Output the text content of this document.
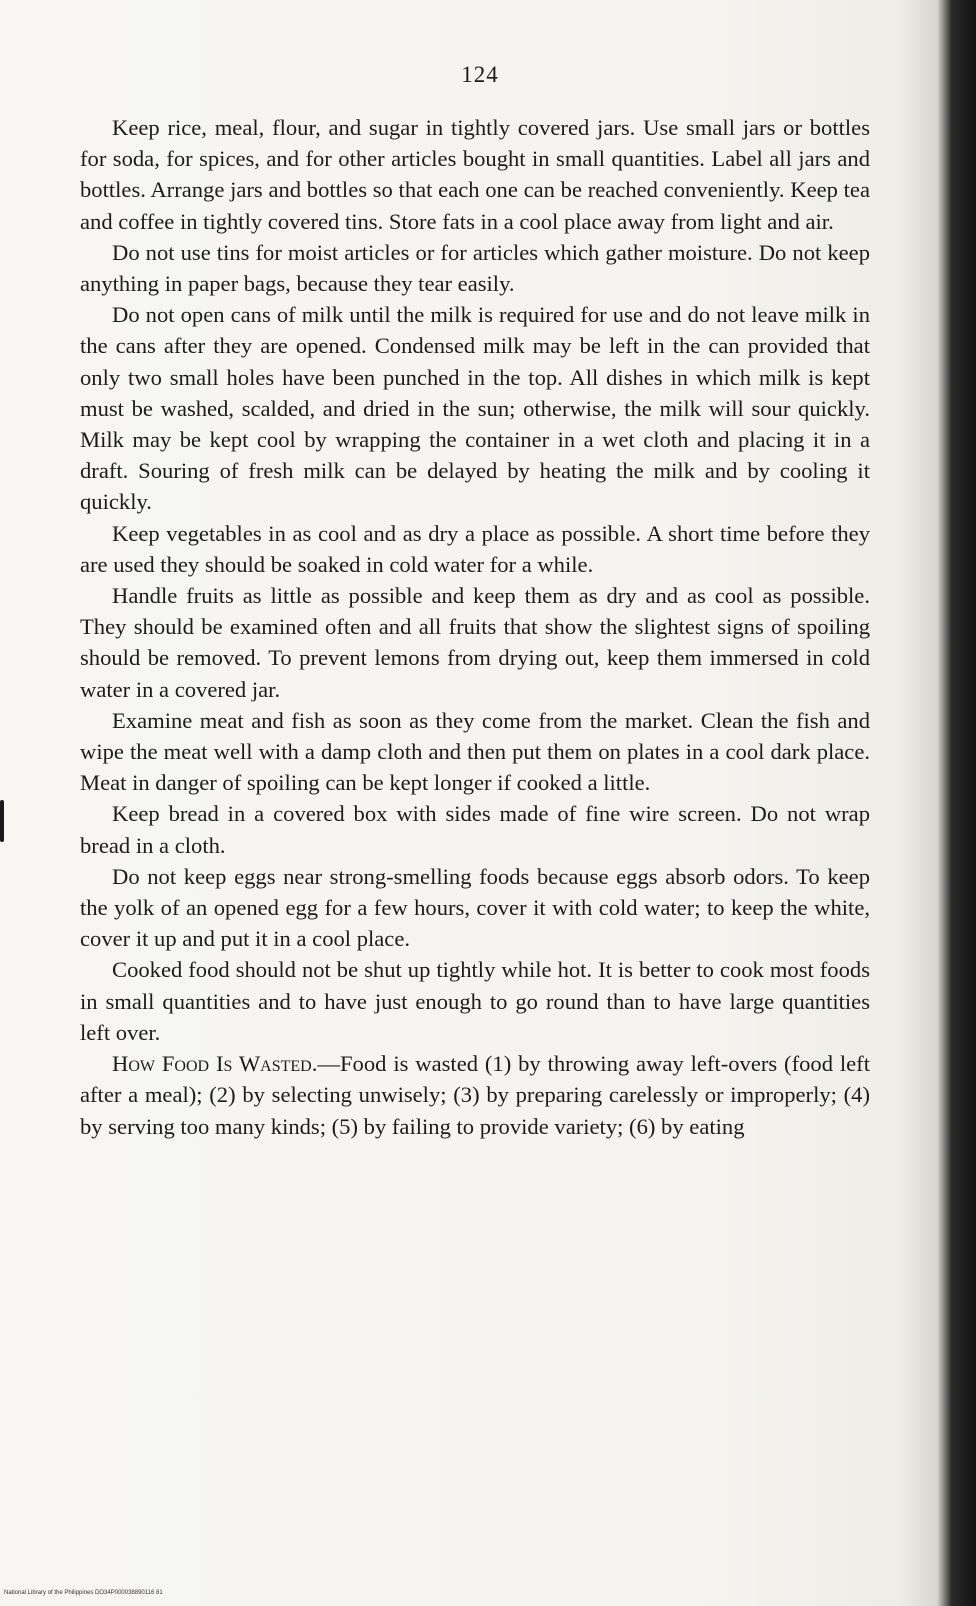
124

Keep rice, meal, flour, and sugar in tightly covered jars. Use small jars or bottles for soda, for spices, and for other articles bought in small quantities. Label all jars and bottles. Arrange jars and bottles so that each one can be reached conveniently. Keep tea and coffee in tightly covered tins. Store fats in a cool place away from light and air.

Do not use tins for moist articles or for articles which gather moisture. Do not keep anything in paper bags, because they tear easily.

Do not open cans of milk until the milk is required for use and do not leave milk in the cans after they are opened. Condensed milk may be left in the can provided that only two small holes have been punched in the top. All dishes in which milk is kept must be washed, scalded, and dried in the sun; otherwise, the milk will sour quickly. Milk may be kept cool by wrapping the container in a wet cloth and placing it in a draft. Souring of fresh milk can be delayed by heating the milk and by cooling it quickly.

Keep vegetables in as cool and as dry a place as possible. A short time before they are used they should be soaked in cold water for a while.

Handle fruits as little as possible and keep them as dry and as cool as possible. They should be examined often and all fruits that show the slightest signs of spoiling should be removed. To prevent lemons from drying out, keep them immersed in cold water in a covered jar.

Examine meat and fish as soon as they come from the market. Clean the fish and wipe the meat well with a damp cloth and then put them on plates in a cool dark place. Meat in danger of spoiling can be kept longer if cooked a little.

Keep bread in a covered box with sides made of fine wire screen. Do not wrap bread in a cloth.

Do not keep eggs near strong-smelling foods because eggs absorb odors. To keep the yolk of an opened egg for a few hours, cover it with cold water; to keep the white, cover it up and put it in a cool place.

Cooked food should not be shut up tightly while hot. It is better to cook most foods in small quantities and to have just enough to go round than to have large quantities left over.

How Food Is Wasted.—Food is wasted (1) by throwing away left-overs (food left after a meal); (2) by selecting unwisely; (3) by preparing carelessly or improperly; (4) by serving too many kinds; (5) by failing to provide variety; (6) by eating

National Library of the Philippines DO34P000038890116 81
